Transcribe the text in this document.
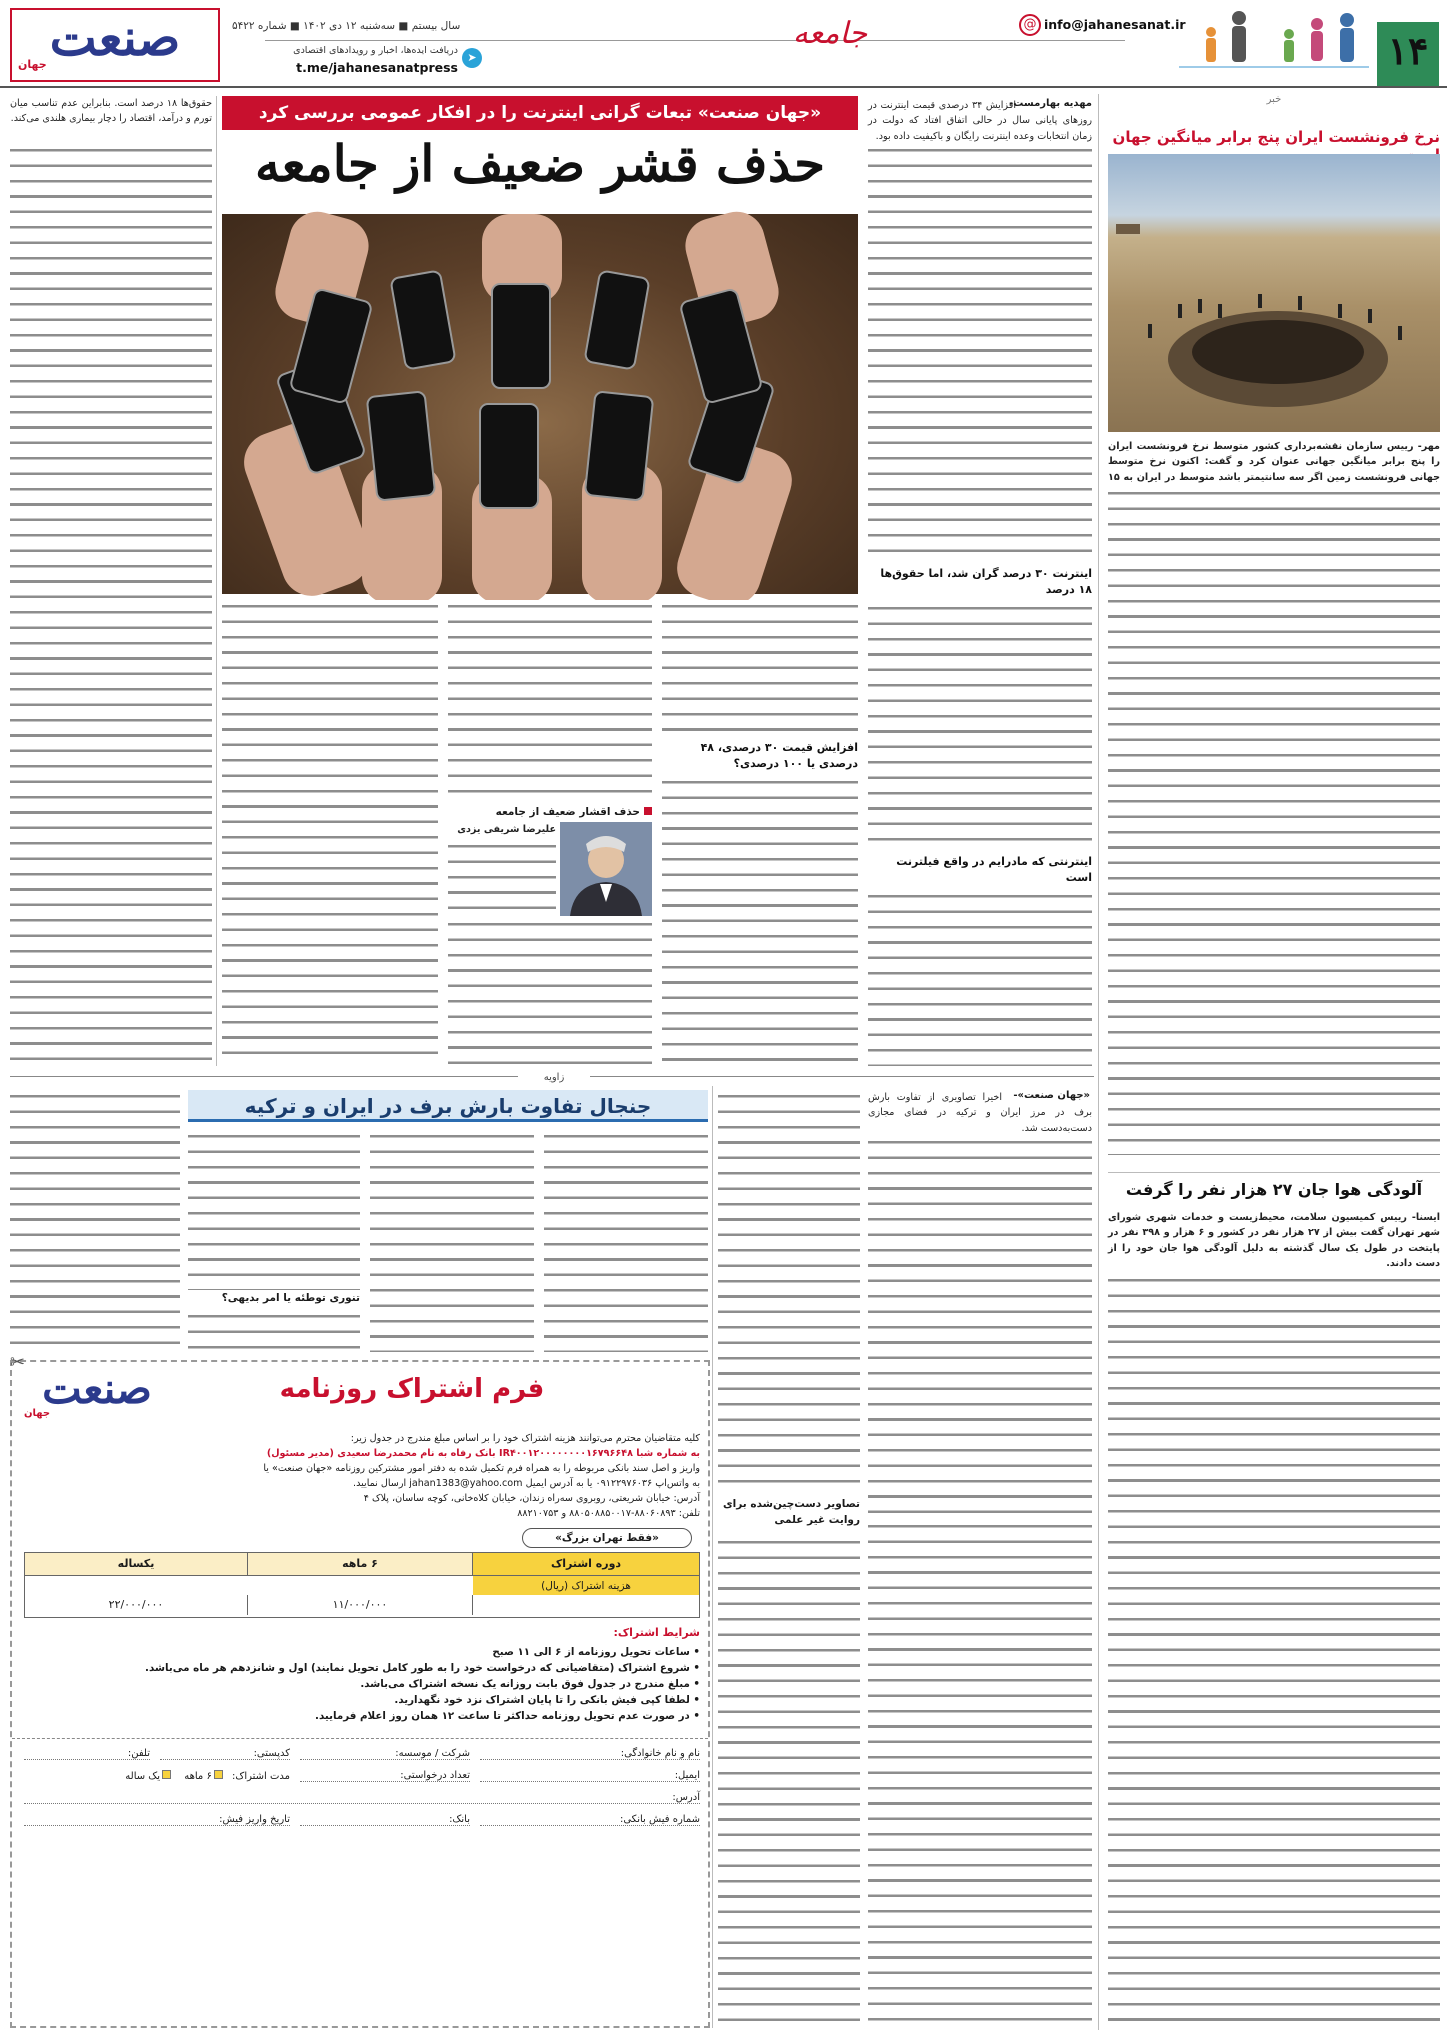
۱۴
@ info@jahanesanat.ir
جامعه
سال بیستم ■ سه‌شنبه ۱۲ دی ۱۴۰۲ ■ شماره ۵۴۲۲
➤
دریافت ایده‌ها، اخبار و رویدادهای اقتصادی
t.me/jahanesanatpress
صنعت
جهان
خبر
نرخ فرونشست ایران پنج برابر میانگین جهان
مهر- رییس سازمان نقشه‌برداری کشور متوسط نرخ فرونشست ایران را پنج برابر میانگین جهانی عنوان کرد و گفت: اکنون نرخ متوسط جهانی فرونشست زمین اگر سه سانتیمتر باشد متوسط در ایران به ۱۵
آلودگی هوا جان ۲۷ هزار نفر را گرفت
ایسنا- رییس کمیسیون سلامت، محیط‌زیست و خدمات شهری شورای شهر تهران گفت بیش از ۲۷ هزار نفر در کشور و ۶ هزار و ۳۹۸ نفر در پایتخت در طول یک سال گذشته به دلیل آلودگی هوا جان خود را از دست دادند.
«جهان صنعت» تبعات گرانی اینترنت را در افکار عمومی بررسی کرد
حذف قشر ضعیف از جامعه
مهدیه بهارمست-
افزایش ۳۴ درصدی قیمت اینترنت در روزهای پایانی سال در حالی اتفاق افتاد که دولت در زمان انتخابات وعده اینترنت رایگان و باکیفیت داده بود.
اینترنت ۳۰ درصد گران شد، اما حقوق‌ها ۱۸ درصد
اینترنتی که مادرایم در واقع فیلترنت است
افزایش قیمت ۳۰ درصدی، ۴۸ درصدی یا ۱۰۰ درصدی؟
حذف اقشار ضعیف از جامعه
علیرضا شریفی یزدی
حقوق‌ها ۱۸ درصد است. بنابراین عدم تناسب میان تورم و درآمد، اقتصاد را دچار بیماری هلندی می‌کند.
زاویه
جنجال تفاوت بارش برف در ایران و ترکیه	«جهان صنعت»-
اخیرا تصاویری از تفاوت بارش برف در مرز ایران و ترکیه در فضای مجازی دست‌به‌دست شد.
تصاویر دست‌چین‌شده برای روایت غیر علمی
تنوری توطئه یا امر بدیهی؟
صنعت
جهان
فرم اشتراک روزنامه
کلیه متقاضیان محترم می‌توانند هزینه اشتراک خود را بر اساس مبلغ مندرج در جدول زیر:
به شماره شبا IR۴۰۰۱۲۰۰۰۰۰۰۰۰۱۶۷۹۶۶۴۸ بانک رفاه به نام محمدرضا سعیدی (مدیر مسئول)
واریز و اصل سند بانکی مربوطه را به همراه فرم تکمیل شده به دفتر امور مشترکین روزنامه «جهان صنعت» یا
به واتس‌اپ ۰۹۱۲۲۹۷۶۰۳۶ یا به آدرس ایمیل jahan1383@yahoo.com ارسال نمایید.
آدرس: خیابان شریعتی، روبروی سه‌راه زندان، خیابان کلاه‌خانی، کوچه ساسان، پلاک ۴
تلفن: ۸۸۰۶۰۸۹۳-۸۸۰۵۰۸۸۵۰۰۱۷ و ۸۸۲۱۰۷۵۳
«فقط تهران بزرگ»
دوره اشتراک
۶ ماهه
یکساله
هزینه اشتراک (ریال)
۱۱/۰۰۰/۰۰۰
۲۲/۰۰۰/۰۰۰
شرایط اشتراک:
• ساعات تحویل روزنامه از ۶ الی ۱۱ صبح
• شروع اشتراک (متقاضیانی که درخواست خود را به طور کامل تحویل نمایند) اول و شانزدهم هر ماه می‌باشد.
• مبلغ مندرج در جدول فوق بابت روزانه یک نسخه اشتراک می‌باشد.
• لطفا کپی فیش بانکی را تا پایان اشتراک نزد خود نگهدارید.
• در صورت عدم تحویل روزنامه حداکثر تا ساعت ۱۲ همان روز اعلام فرمایید.
✂
نام و نام خانوادگی:
شرکت / موسسه:
کدپستی:
تلفن:
ایمیل:
تعداد درخواستی:
مدت اشتراک: ۶ ماهه یک ساله
آدرس:
شماره فیش بانکی:
بانک:
تاریخ واریز فیش:
